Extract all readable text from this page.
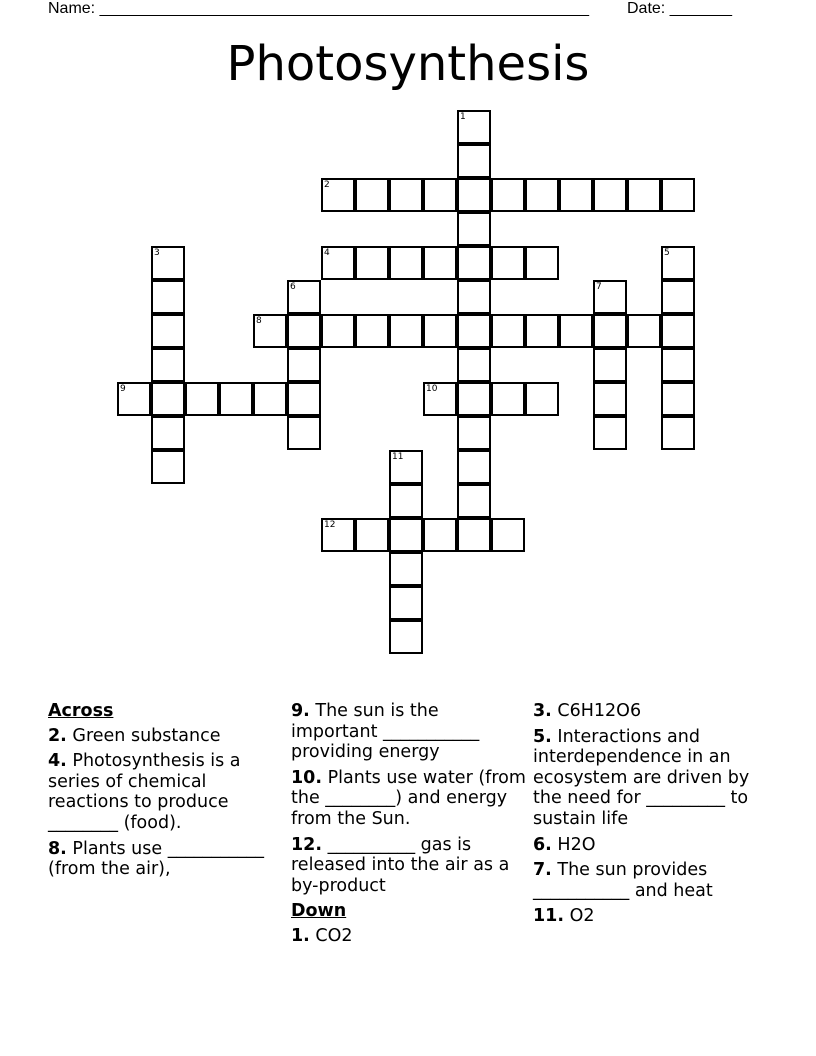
Name: _______________________________________________________ Date: _______
Photosynthesis
1
2
3	4	5
6	7
8
9	10
11
12
Across
2. Green substance
4. Photosynthesis is a series of chemical reactions to produce ________ (food).
8. Plants use ___________ (from the air),
9. The sun is the important ___________ providing energy
10. Plants use water (from the ________) and energy from the Sun.
12. __________ gas is released into the air as a by-product
Down
1. CO2
3. C6H12O6
5. Interactions and interdependence in an ecosystem are driven by the need for _________ to sustain life
6. H2O
7. The sun provides ___________ and heat
11. O2
